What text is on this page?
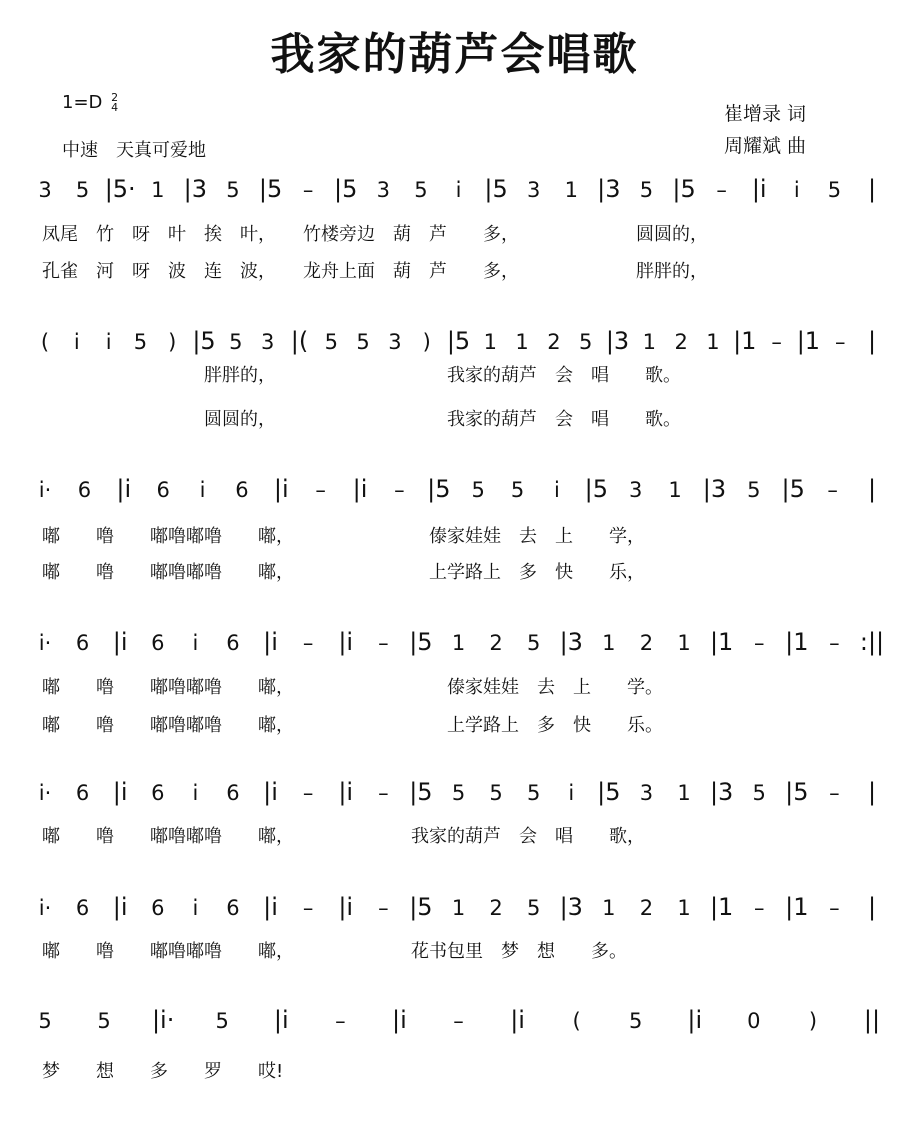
我家的葫芦会唱歌
1=D 2
4
中速　天真可爱地
崔增录 词
周耀斌 曲
3 5 |5· 1 |3 5 |5 – |5 3 5 i |5 3 1 |3 5 |5 – |i i 5 |
( i i 5 ) |5 5 3 |( 5 5 3 ) |5 1 1 2 5 |3 1 2 1 |1 – |1 – |
i· 6 |i 6 i 6 |i – |i – |5 5 5 i |5 3 1 |3 5 |5 – |
i· 6 |i 6 i 6 |i – |i – |5 1 2 5 |3 1 2 1 |1 – |1 – :||
i· 6 |i 6 i 6 |i – |i – |5 5 5 5 i |5 3 1 |3 5 |5 – |
i· 6 |i 6 i 6 |i – |i – |5 1 2 5 |3 1 2 1 |1 – |1 – |
5 5 |i· 5 |i – |i – |i ( 5 |i 0 ) ||
凤尾　竹　呀　叶　挨　叶，　　竹楼旁边　葫　芦　　多，　　　　　　　圆圆的，
孔雀　河　呀　波　连　波，　　龙舟上面　葫　芦　　多，　　　　　　　胖胖的，
　　　　　　　　　胖胖的，　　　　　　　　　　我家的葫芦　会　唱　　歌。
　　　　　　　　　圆圆的，　　　　　　　　　　我家的葫芦　会　唱　　歌。
嘟　　噜　　嘟噜嘟噜　　嘟，　　　　　　　　傣家娃娃　去　上　　学，
嘟　　噜　　嘟噜嘟噜　　嘟，　　　　　　　　上学路上　多　快　　乐，
嘟　　噜　　嘟噜嘟噜　　嘟，　　　　　　　　　傣家娃娃　去　上　　学。
嘟　　噜　　嘟噜嘟噜　　嘟，　　　　　　　　　上学路上　多　快　　乐。
嘟　　噜　　嘟噜嘟噜　　嘟，　　　　　　　我家的葫芦　会　唱　　歌，
嘟　　噜　　嘟噜嘟噜　　嘟，　　　　　　　花书包里　梦　想　　多。
梦　　想　　多　　罗　　哎!
